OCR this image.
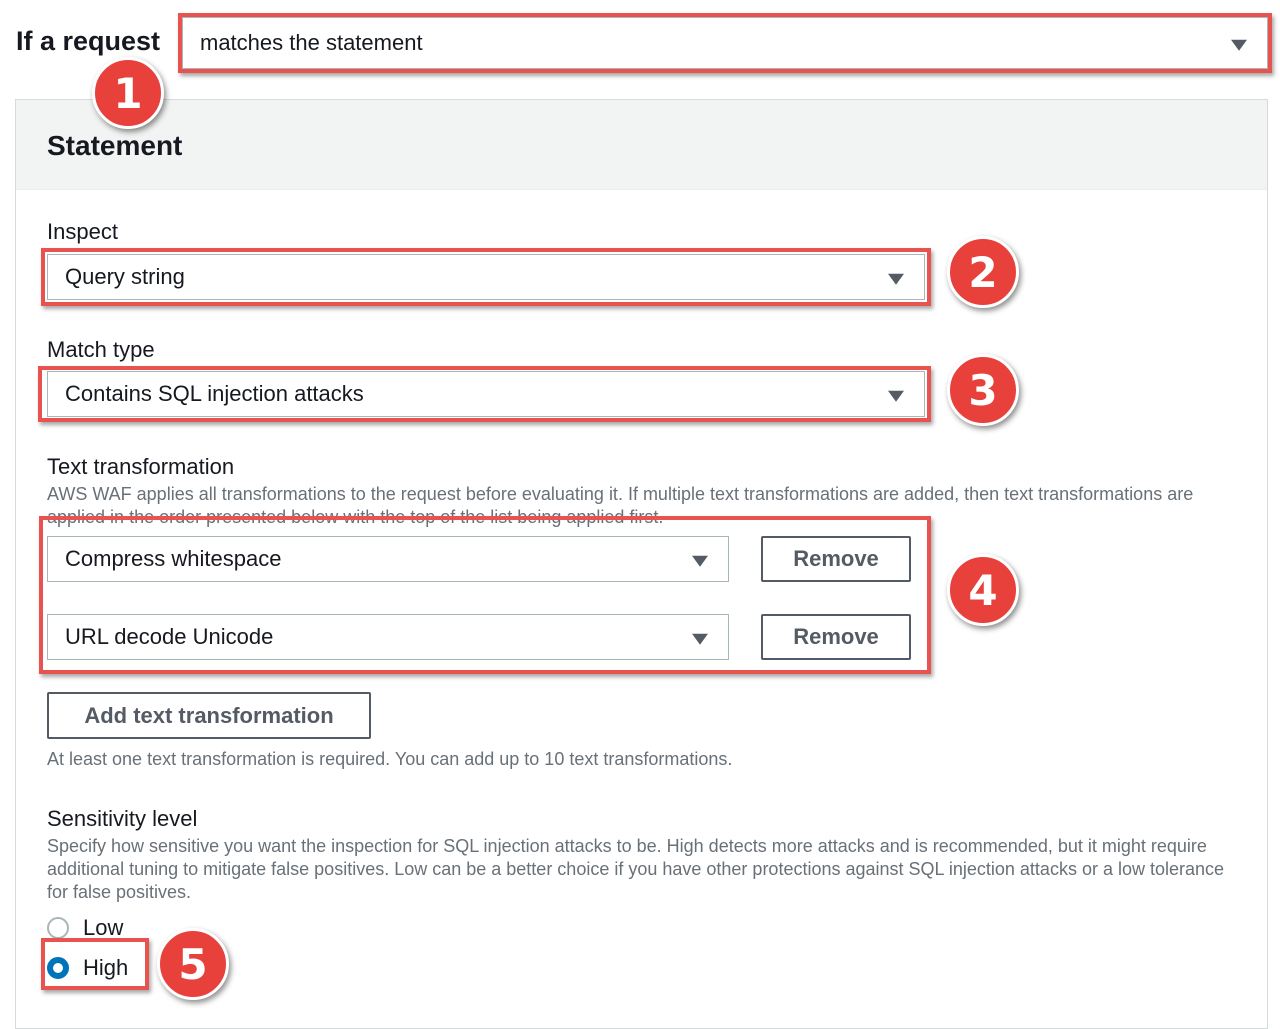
If a request matches the statement
Statement
Inspect
Query string
Match type
Contains SQL injection attacks
Text transformation
AWS WAF applies all transformations to the request before evaluating it. If multiple text transformations are added, then text transformations are applied in the order presented below with the top of the list being applied first.
Compress whitespace	Remove
URL decode Unicode	Remove
Add text transformation
At least one text transformation is required. You can add up to 10 text transformations.
Sensitivity level
Specify how sensitive you want the inspection for SQL injection attacks to be. High detects more attacks and is recommended, but it might require additional tuning to mitigate false positives. Low can be a better choice if you have other protections against SQL injection attacks or a low tolerance for false positives.
Low
High
1
2
3
4
5
